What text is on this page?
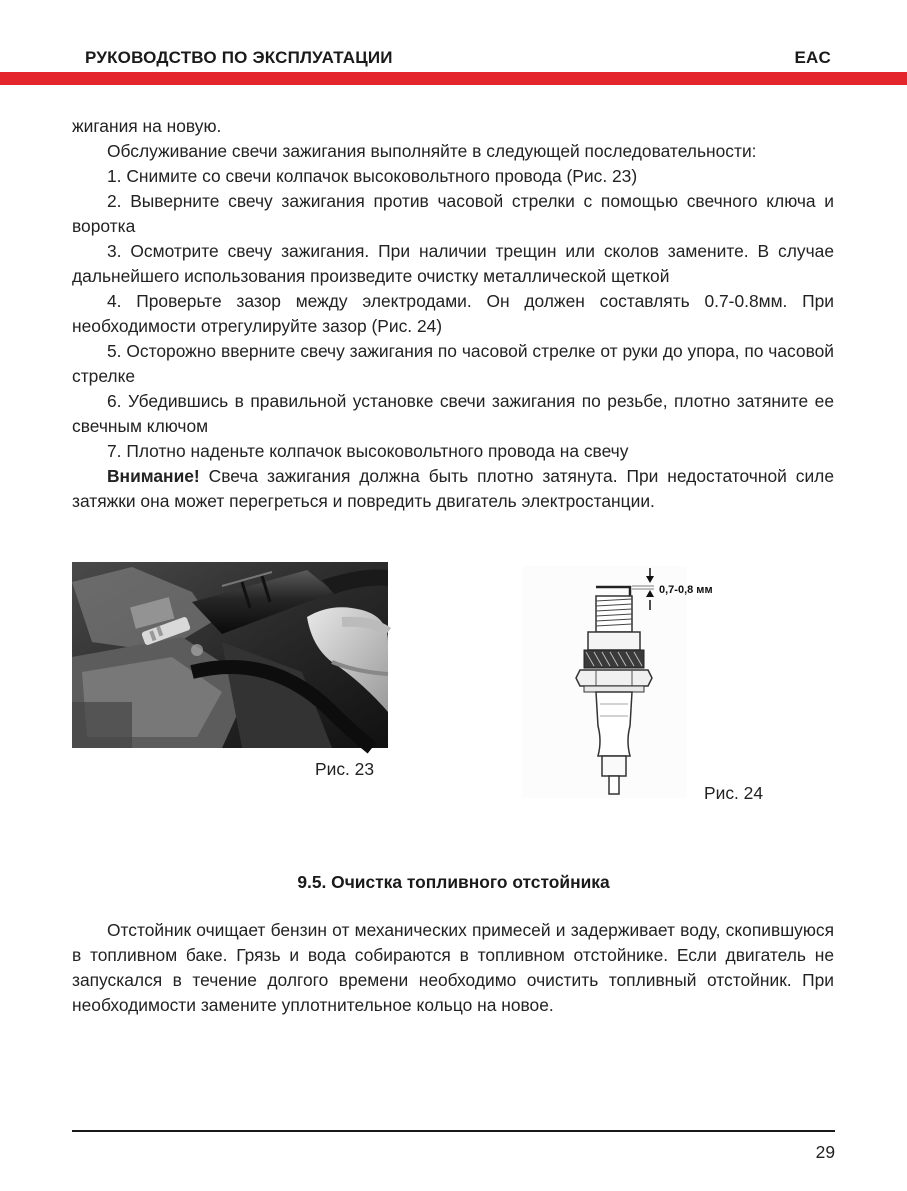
РУКОВОДСТВО ПО ЭКСПЛУАТАЦИИ	EAC

жигания на новую.

Обслуживание свечи зажигания выполняйте в следующей последовательности:

1. Снимите со свечи колпачок высоковольтного провода (Рис. 23)

2. Выверните свечу зажигания против часовой стрелки с помощью свечного ключа и воротка

3. Осмотрите свечу зажигания. При наличии трещин или сколов замените. В случае дальнейшего использования произведите очистку металлической щеткой

4. Проверьте зазор между электродами. Он должен составлять 0.7-0.8мм. При необходимости отрегулируйте зазор (Рис. 24)

5. Осторожно вверните свечу зажигания по часовой стрелке от руки до упора, по часовой стрелке

6. Убедившись в правильной установке свечи зажигания по резьбе, плотно затяните ее свечным ключом

7. Плотно наденьте колпачок высоковольтного провода на свечу

Внимание! Свеча зажигания должна быть плотно затянута. При недостаточной силе затяжки она может перегреться и повредить двигатель электростанции.

Рис. 23
0,7-0,8 мм
Рис. 24
9.5. Очистка топливного отстойника

Отстойник очищает бензин от механических примесей и задерживает воду, скопившуюся в топливном баке. Грязь и вода собираются в топливном отстойнике. Если двигатель не запускался в течение долгого времени необходимо очистить топливный отстойник. При необходимости замените уплотнительное кольцо на новое.

29
